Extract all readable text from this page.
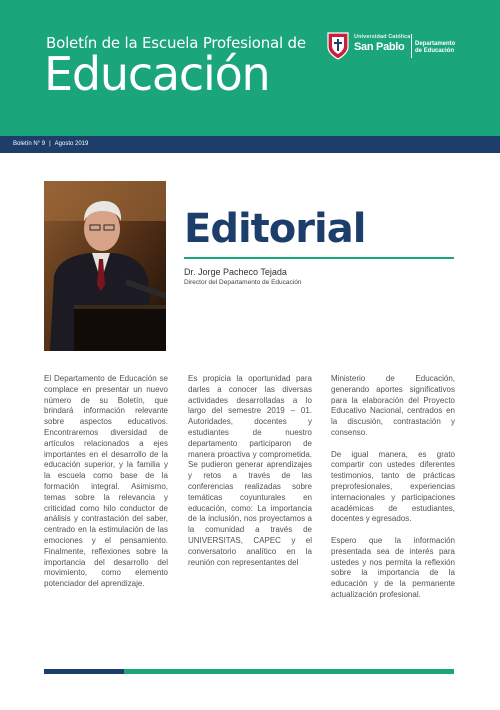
Boletín de la Escuela Profesional de
Educación
Universidad Católica
San Pablo Departamento
de Educación
Boletín N° 9 | Agosto 2019
Editorial
Dr. Jorge Pacheco Tejada
Director del Departamento de Educación

El Departamento de Educación se complace en presentar un nuevo número de su Boletín, que brindará información relevante sobre aspectos educativos. Encontraremos diversidad de artículos relacionados a ejes importantes en el desarrollo de la educación superior, y la familia y la escuela como base de la formación integral. Asimismo, temas sobre la relevancia y criticidad como hilo conductor de análisis y contrastación del saber, centrado en la estimulación de las emociones y el pensamiento. Finalmente, reflexiones sobre la importancia del desarrollo del movimiento, como elemento potenciador del aprendizaje.

Es propicia la oportunidad para darles a conocer las diversas actividades desarrolladas a lo largo del semestre 2019 – 01. Autoridades, docentes y estudiantes de nuestro departamento participaron de manera proactiva y comprometida. Se pudieron generar aprendizajes y retos a través de las conferencias realizadas sobre temáticas coyunturales en educación, como: La importancia de la inclusión, nos proyectamos a la comunidad a través de UNIVERSITAS, CAPEC y el conversatorio analítico en la reunión con representantes del

Ministerio de Educación, generando aportes significativos para la elaboración del Proyecto Educativo Nacional, centrados en la discusión, contrastación y consenso.

De igual manera, es grato compartir con ustedes diferentes testimonios, tanto de prácticas preprofesionales, experiencias internacionales y participaciones académicas de estudiantes, docentes y egresados.

Espero que la información presentada sea de interés para ustedes y nos permita la reflexión sobre la importancia de la educación y de la permanente actualización profesional.
